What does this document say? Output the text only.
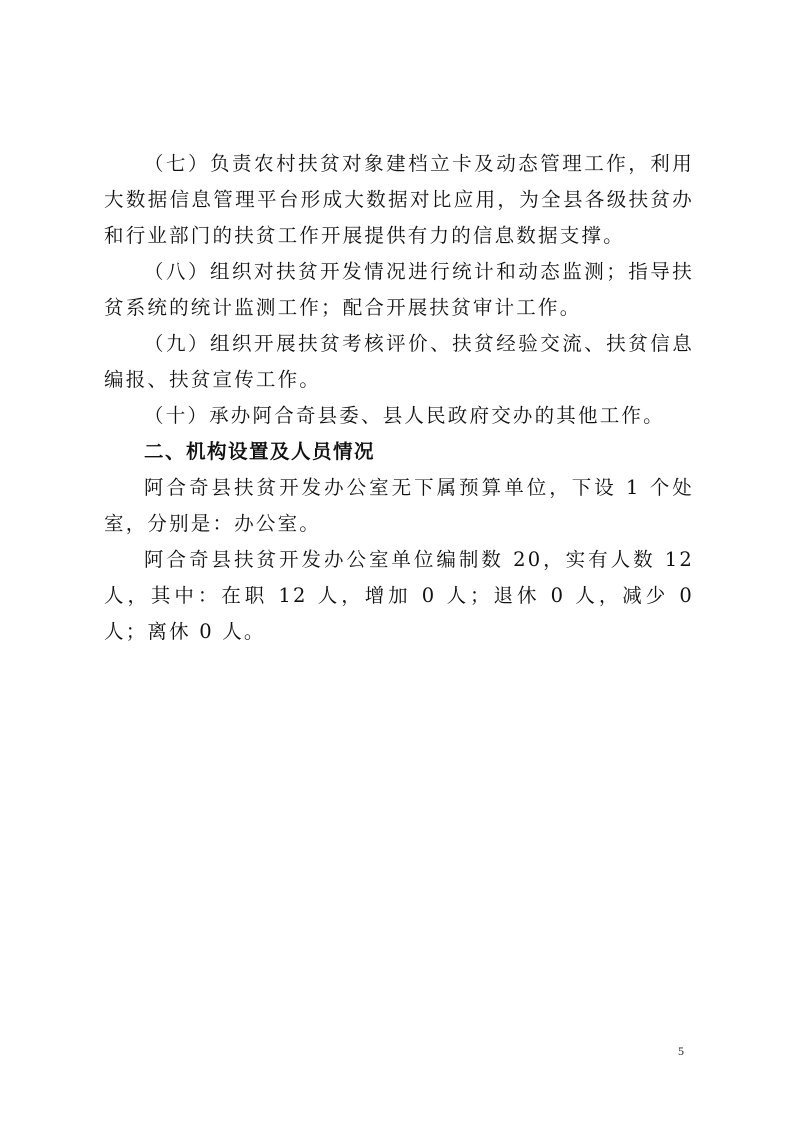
（七）负责农村扶贫对象建档立卡及动态管理工作，利用大数据信息管理平台形成大数据对比应用，为全县各级扶贫办和行业部门的扶贫工作开展提供有力的信息数据支撑。

（八）组织对扶贫开发情况进行统计和动态监测；指导扶贫系统的统计监测工作；配合开展扶贫审计工作。

（九）组织开展扶贫考核评价、扶贫经验交流、扶贫信息编报、扶贫宣传工作。

（十）承办阿合奇县委、县人民政府交办的其他工作。

二、机构设置及人员情况

阿合奇县扶贫开发办公室无下属预算单位，下设 1 个处室，分别是：办公室。

阿合奇县扶贫开发办公室单位编制数 20，实有人数 12 人，其中：在职 12 人，增加 0 人；退休 0 人，减少 0 人；离休 0 人。

5
